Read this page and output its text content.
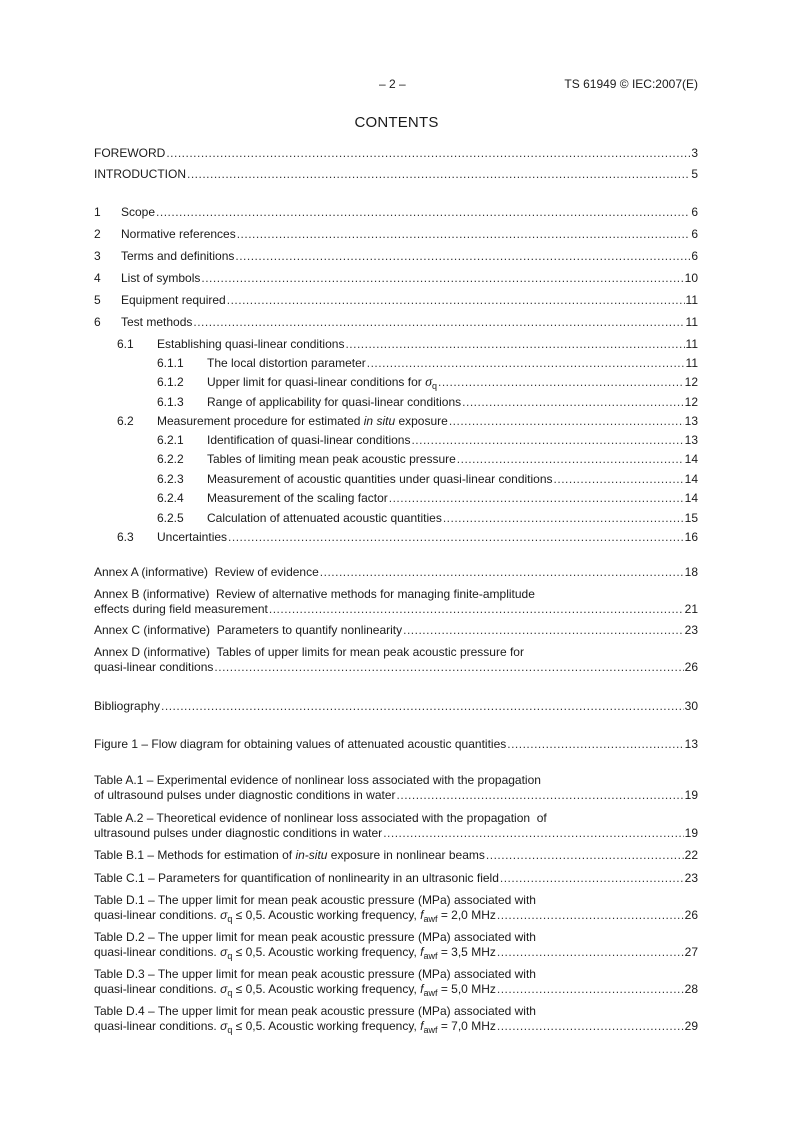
– 2 –	TS 61949 © IEC:2007(E)
CONTENTS
FOREWORD .....	3
INTRODUCTION .....	5
1	Scope .....	6
2	Normative references .....	6
3	Terms and definitions .....	6
4	List of symbols .....	10
5	Equipment required .....	11
6	Test methods .....	11
6.1	Establishing quasi-linear conditions .....	11
6.1.1	The local distortion parameter .....	11
6.1.2	Upper limit for quasi-linear conditions for $\sigma_q$ .....	12
6.1.3	Range of applicability for quasi-linear conditions .....	12
6.2	Measurement procedure for estimated in situ exposure .....	13
6.2.1	Identification of quasi-linear conditions .....	13
6.2.2	Tables of limiting mean peak acoustic pressure .....	14
6.2.3	Measurement of acoustic quantities under quasi-linear conditions .....	14
6.2.4	Measurement of the scaling factor .....	14
6.2.5	Calculation of attenuated acoustic quantities .....	15
6.3	Uncertainties .....	16
Annex A (informative)  Review of evidence .....	18
Annex B (informative)  Review of alternative methods for managing finite-amplitude
effects during field measurement .....	21
Annex C (informative)  Parameters to quantify nonlinearity .....	23
Annex D (informative)  Tables of upper limits for mean peak acoustic pressure for
quasi-linear conditions .....	26
Bibliography .....	30
Figure 1 – Flow diagram for obtaining values of attenuated acoustic quantities .....	13
Table A.1 – Experimental evidence of nonlinear loss associated with the propagation
of ultrasound pulses under diagnostic conditions in water .....	19
Table A.2 – Theoretical evidence of nonlinear loss associated with the propagation  of
ultrasound pulses under diagnostic conditions in water .....	19
Table B.1 – Methods for estimation of in-situ exposure in nonlinear beams .....	22
Table C.1 – Parameters for quantification of nonlinearity in an ultrasonic field .....	23
Table D.1 – The upper limit for mean peak acoustic pressure (MPa) associated with
quasi-linear conditions. $\sigma_q \le 0,5$. Acoustic working frequency, $f_{awf} = 2,0$ MHz .....	26
Table D.2 – The upper limit for mean peak acoustic pressure (MPa) associated with
quasi-linear conditions. $\sigma_q \le 0,5$. Acoustic working frequency, $f_{awf} = 3,5$ MHz .....	27
Table D.3 – The upper limit for mean peak acoustic pressure (MPa) associated with
quasi-linear conditions. $\sigma_q \le 0,5$. Acoustic working frequency, $f_{awf} = 5,0$ MHz .....	28
Table D.4 – The upper limit for mean peak acoustic pressure (MPa) associated with
quasi-linear conditions. $\sigma_q \le 0,5$. Acoustic working frequency, $f_{awf} = 7,0$ MHz .....	29
